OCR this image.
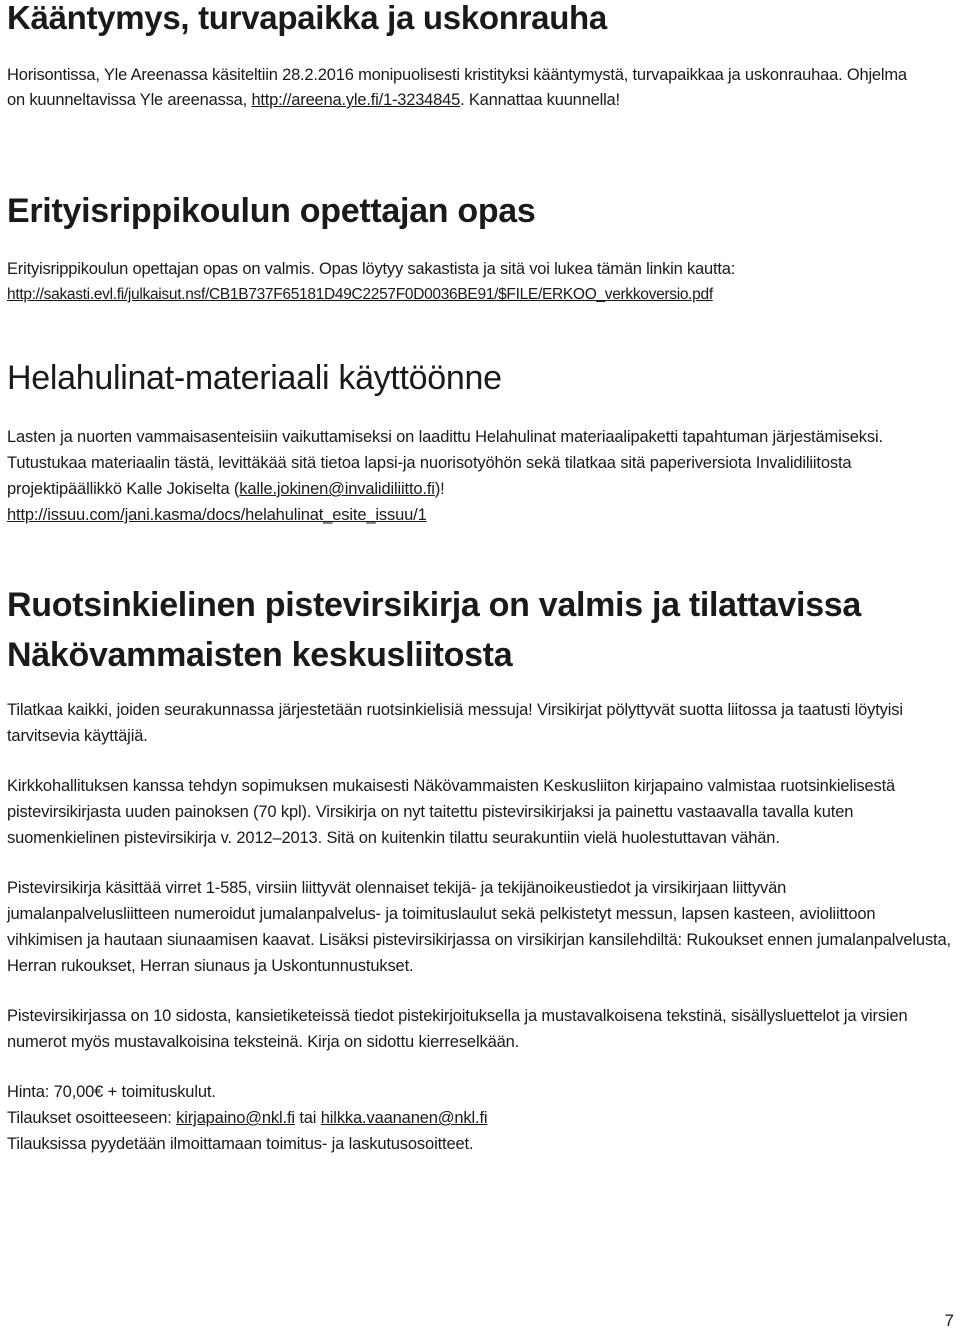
Kääntymys, turvapaikka ja uskonrauha

Horisontissa, Yle Areenassa käsiteltiin 28.2.2016 monipuolisesti kristityksi kääntymystä, turvapaikkaa ja uskonrauhaa. Ohjelma on kuunneltavissa Yle areenassa, http://areena.yle.fi/1-3234845. Kannattaa kuunnella!

Erityisrippikoulun opettajan opas

Erityisrippikoulun opettajan opas on valmis. Opas löytyy sakastista ja sitä voi lukea tämän linkin kautta:

http://sakasti.evl.fi/julkaisut.nsf/CB1B737F65181D49C2257F0D0036BE91/$FILE/ERKOO_verkkoversio.pdf

Helahulinat-materiaali käyttöönne

Lasten ja nuorten vammaisasenteisiin vaikuttamiseksi on laadittu Helahulinat materiaalipaketti tapahtuman järjestämiseksi. Tutustukaa materiaalin tästä, levittäkää sitä tietoa lapsi-ja nuorisotyöhön sekä tilatkaa sitä paperiversiota Invalidiliitosta projektipäällikkö Kalle Jokiselta (kalle.jokinen@invalidiliitto.fi)!

http://issuu.com/jani.kasma/docs/helahulinat_esite_issuu/1

Ruotsinkielinen pistevirsikirja on valmis ja tilattavissa Näkövammaisten keskusliitosta

Tilatkaa kaikki, joiden seurakunnassa järjestetään ruotsinkielisiä messuja! Virsikirjat pölyttyvät suotta liitossa ja taatusti löytyisi tarvitsevia käyttäjiä.

Kirkkohallituksen kanssa tehdyn sopimuksen mukaisesti Näkövammaisten Keskusliiton kirjapaino valmistaa ruotsinkielisestä pistevirsikirjasta uuden painoksen (70 kpl). Virsikirja on nyt taitettu pistevirsikirjaksi ja painettu vastaavalla tavalla kuten suomenkielinen pistevirsikirja v. 2012–2013. Sitä on kuitenkin tilattu seurakuntiin vielä huolestuttavan vähän.

Pistevirsikirja käsittää virret 1-585, virsiin liittyvät olennaiset tekijä- ja tekijänoikeustiedot ja virsikirjaan liittyvän jumalanpalvelusliitteen numeroidut jumalanpalvelus- ja toimituslaulut sekä pelkistetyt messun, lapsen kasteen, avioliittoon vihkimisen ja hautaan siunaamisen kaavat. Lisäksi pistevirsikirjassa on virsikirjan kansilehdiltä: Rukoukset ennen jumalanpalvelusta, Herran rukoukset, Herran siunaus ja Uskontunnustukset.

Pistevirsikirjassa on 10 sidosta, kansietiketeissä tiedot pistekirjoituksella ja mustavalkoisena tekstinä, sisällysluettelot ja virsien numerot myös mustavalkoisina teksteinä. Kirja on sidottu kierreselkään.

Hinta: 70,00€ + toimituskulut.

Tilaukset osoitteeseen: kirjapaino@nkl.fi tai hilkka.vaananen@nkl.fi

Tilauksissa pyydetään ilmoittamaan toimitus- ja laskutusosoitteet.

7
